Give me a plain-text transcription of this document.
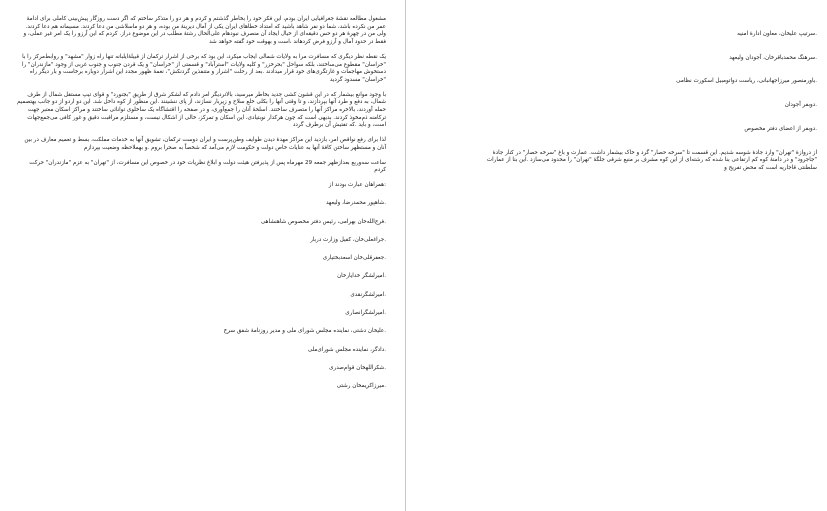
مشغول مطالعه نقشهٔ جغرافیایی ایران بودم، این فکر خود را بخاطر گذشتم و کردم و هر دو را متذکر ساختم که اگر دست روزگار پیش‌بینی کاملی برای ادامهٔ عمر من نکرده باشد، شما دو نفر شاهد باشید که امتداد خطاهای ایران یکی از آمال دیرینهٔ من بوده، و هر دو ماسلاشی من دعا کردند. مسیمانه هم دعا کردند. ولی من در چهرهٔ هر دو حس دقیقه‌ای از خیال ایجاد آن منصرف نبودهام علی‌الحال رشتهٔ مطلب در این موضوع دراز. کردم که این آرزو را یک امر غیر عملی، و فقط در حدود آمال و آرزو فرض کردهاند ،است و بهوقت خود گفته خواهد شد

یک نقطه نظر دیگری که مسافرت مرا به ولایات شمالی ایجاب میکرد، این بود که برخی از اشرار ترکمان از قبیلهٔ‌ایلبانه تنها راه زوار "مشهد" و روابط‌مرکز را با "خراسان" مقطوع می‌ساختند، بلکه سواحل "بحرخزر" و کلیه ولایات "استرآباد" و قسمتی از "خراسان" و یک قردن جنوب و جنوب غربی از وجود "مازندران" را دستخوش مهاجمات و غارتگری‌های خود قرار میدادند .بعد از رحلت "اشرار و متنفذین گردنکش"، نغمهٔ ظهور مجدد این اشرار دوباره برخاست و بار دیگر راه "خراسان" مسدود گردید

با وجود موانع بیشمار که در این قشون کشی جدید بخاطر میرسید، بالاتردیگر امر دادم که لشکر شرق از طریق "بجنورد" و قوای تیپ مستقل شمال از طرف شمال، به دفع و طرد آنها بپردازند، و تا وقتی آنها را بکلی خلع سلاح و زیربار نسازند، از پای ننشینند .این منظور از کوه داخل شد. این دو اردو از دو جانب بهتصمیم حمله آوردند، بالاخره مراکز آنها را متصرف ساختند. اسلحهٔ آنان را جمع‌آوری، و در صفحه را اقتشاگاه یک ساخلوی توانائی ساختند و مراکز اسکان معتبر جهت ترکامنه ذم‌مخوذ کردند. بدیهی است که چون هرکدار نوبتیادی، این اسکان و تمرکز، خالی از اشکال نیست، و مستلزم مراقبت دقیق و غور کافی می‌جمع‌جهات است، و باید .که تفتیش آن برطرف گردد

لذا برای رفع نواقص امر، بازدید این مراکز مهدهٔ دیدن طوایف وطن‌پرست و ایران دوست ترکمان، تشویق آنها به خدمات مملکت، بسط و تعمیم معارف در بین آنان و مستظهر ساختن کافهٔ آنها به عنایات خاص دولت و حکومت لازم می‌آمد که شخصاً به صحرا بروم .و بهملاحظه وضعیت بپردازم

ساعت سه‌وربع بعدازظهر جمعه 29 مهرماه پس از پذیرفتن هیئت دولت و ابلاغ نظریات خود در خصوص این مسافرت، از "تهران" به عزم "مازندران" حرکت کردم

:همراهان عبارت بودند از

.شاهپور محمدرضا، ولیعهد

.فرج‌الله‌خان بهرامی، رئیس دفتر مخصوص شاهنشاهی

.جراغعلی‌خان، کفیل وزارت دربار

.جعفرقلی‌خان اسعدبختیاری

.امیرلشگر خدایارخان

.امیرلشگرنقدی

.امیرلشگرانصاری

.علیخان دشتی، نماینده مجلس شورای ملی و مدیر روزنامهٔ شفق سرخ

.دادگر، نماینده مجلس شورای‌ملی

.شکراللهخان قوام‌صدری

.میرزاکریمخان رشتی

.سرتیپ علیخان، معاون ادارهٔ امنیه

.سرهنگ محمدباقرخان، آجودان ولیعهد

.یاورمنصور میرزاجهانبانی، ریاست دواتومبیل اسکورت نظامی

.دوبفر آجودان

.دوبفر از اعضای دفتر مخصوص

از دروازهٔ "تهران" وارد جادهٔ شوسه شدیم. این قسمت تا "سرخه حصار" گرد و خاک بیشمار داشت. عمارت و باغ "سرخه حصار" در کنار جادهٔ "جاجرود" و در دامنهٔ کوه کم ارتفاعی بنا شده که رشته‌ای از این کوه مشرف بر منبع شرقی جلگهٔ "تهران" را محدود می‌سازد .این بنا از عمارات سلطنتی قاجاریه است که محض تفریح و
